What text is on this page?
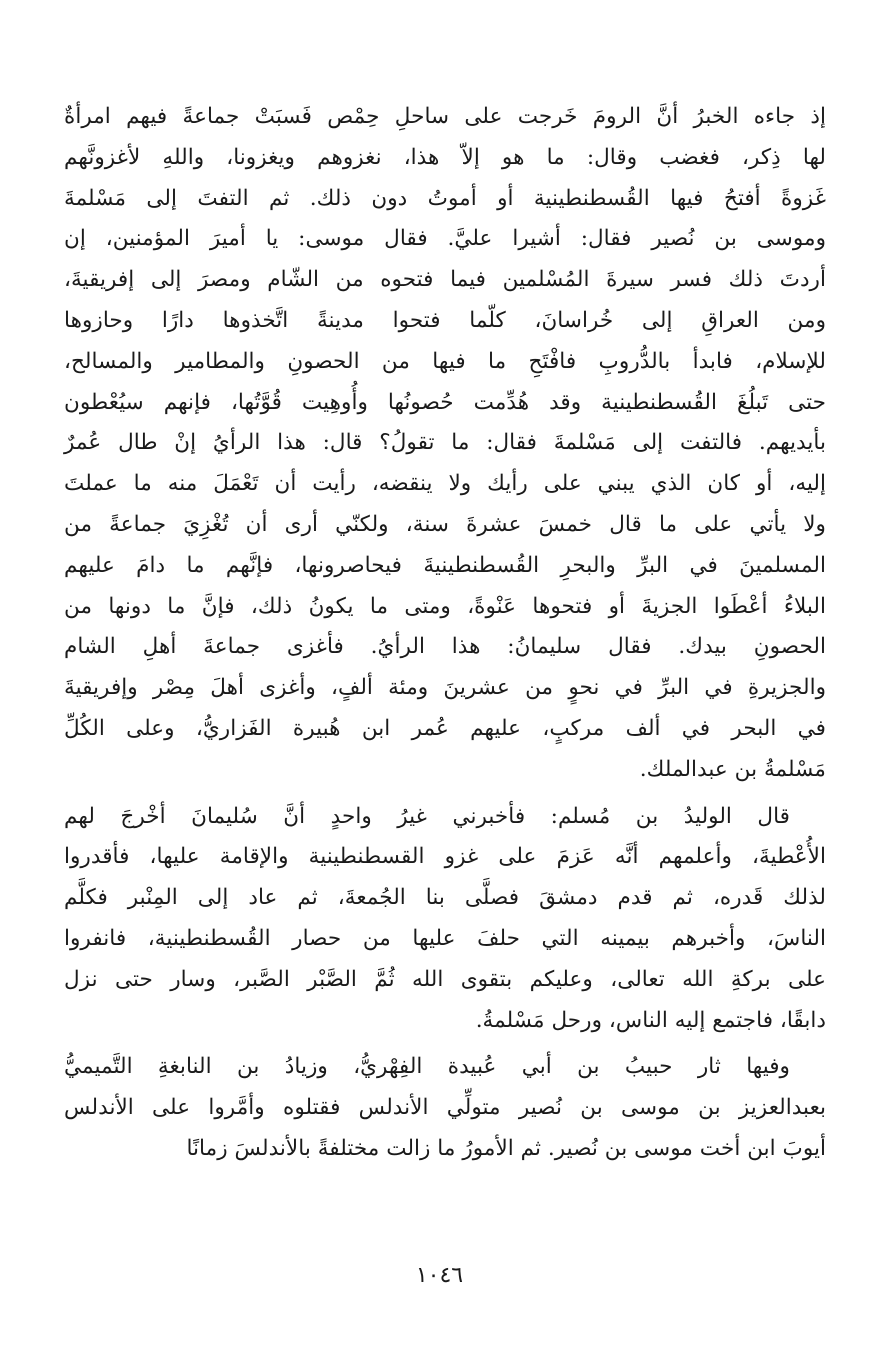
إذ جاءه الخبرُ أنَّ الرومَ خَرجت على ساحلِ حِمْص فَسبَتْ جماعةً فيهم امرأةٌ
لها ذِكر، فغضب وقال: ما هو إلاّ هذا، نغزوهم ويغزونا، واللهِ لأغزونَّهم
غَزوةً أفتحُ فيها القُسطنطينية أو أموتُ دون ذلك. ثم التفتَ إلى مَسْلمةَ
وموسى بن نُصير فقال: أشيرا عليَّ. فقال موسى: يا أميرَ المؤمنين، إن
أردتَ ذلك فسر سيرةَ المُسْلمين فيما فتحوه من الشّام ومصرَ إلى إفريقيةَ،
ومن العراقِ إلى خُراسانَ، كلّما فتحوا مدينةً اتَّخذوها دارًا وحازوها
للإسلام، فابدأ بالدُّروبِ فافْتَحِ ما فيها من الحصونِ والمطامير والمسالح،
حتى تَبلُغَ القُسطنطينية وقد هُدِّمت حُصونُها وأُوهِيت قُوَّتُها، فإنهم سيُعْطون
بأيديهم. فالتفت إلى مَسْلمةَ فقال: ما تقولُ؟ قال: هذا الرأيُ إنْ طال عُمرٌ
إليه، أو كان الذي يبني على رأيك ولا ينقضه، رأيت أن تَعْمَلَ منه ما عملتَ
ولا يأتي على ما قال خمسَ عشرةَ سنة، ولكنّي أرى أن تُغْزِيَ جماعةً من
المسلمينَ في البرِّ والبحرِ القُسطنطينيةَ فيحاصرونها، فإنَّهم ما دامَ عليهم
البلاءُ أعْطَوا الجزيةَ أو فتحوها عَنْوةً، ومتى ما يكونُ ذلك، فإنَّ ما دونها من
الحصونِ بيدك. فقال سليمانُ: هذا الرأيُ. فأغزى جماعةَ أهلِ الشام
والجزيرةِ في البرِّ في نحوٍ من عشرينَ ومئة ألفٍ، وأغزى أهلَ مِصْر وإفريقيةَ
في البحر في ألف مركبٍ، عليهم عُمر ابن هُبيرة الفَزاريُّ، وعلى الكُلِّ
مَسْلمةُ بن عبدالملك.
قال الوليدُ بن مُسلم: فأخبرني غيرُ واحدٍ أنَّ سُليمانَ أخْرجَ لهم
الأُعْطيةَ، وأعلمهم أنَّه عَزمَ على غزو القسطنطينية والإقامة عليها، فأقدروا
لذلك قَدره، ثم قدم دمشقَ فصلَّى بنا الجُمعةَ، ثم عاد إلى المِنْبر فكلَّم
الناسَ، وأخبرهم بيمينه التي حلفَ عليها من حصار القُسطنطينية، فانفروا
على بركةِ الله تعالى، وعليكم بتقوى الله ثُمَّ الصَّبْر الصَّبر، وسار حتى نزل
دابقًا، فاجتمع إليه الناس، ورحل مَسْلمةُ.
وفيها ثار حبيبُ بن أبي عُبيدة الفِهْريُّ، وزيادُ بن النابغةِ التَّميميُّ
بعبدالعزيز بن موسى بن نُصير متولِّي الأندلس فقتلوه وأمَّروا على الأندلس
أيوبَ ابن أخت موسى بن نُصير. ثم الأمورُ ما زالت مختلفةً بالأندلسَ زمانًا
١٠٤٦
